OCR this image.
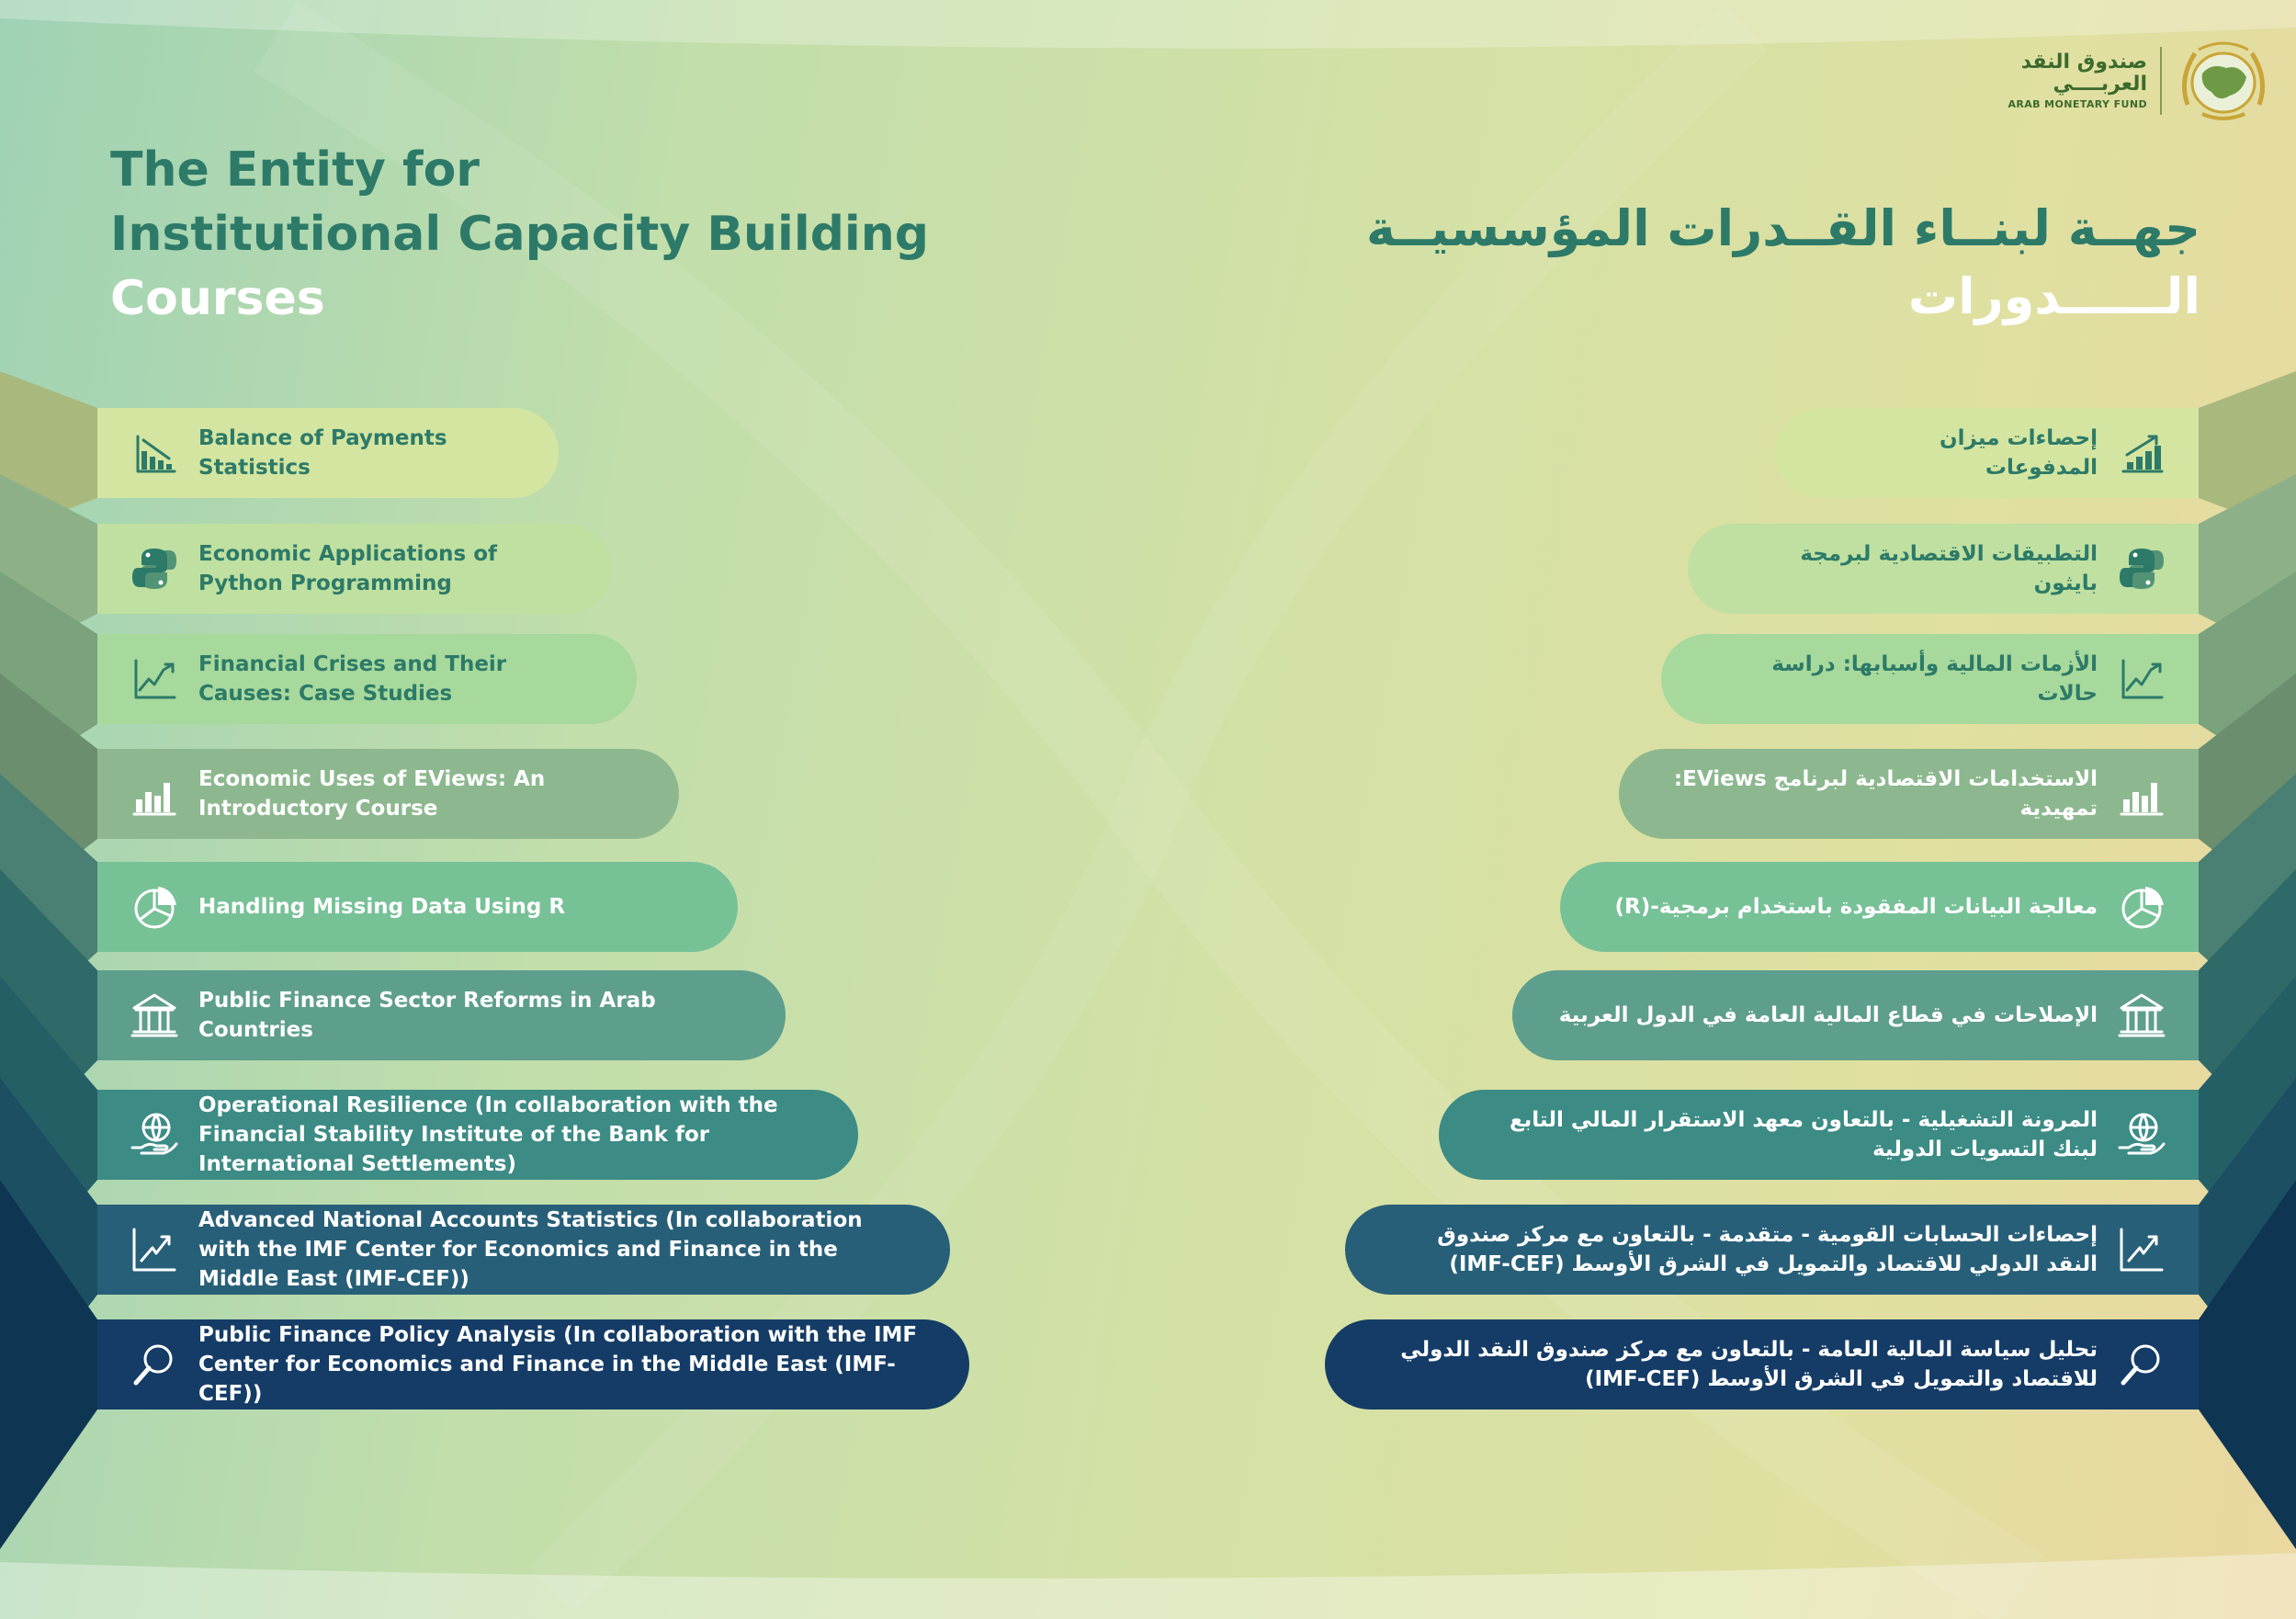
صندوق النقد
العربــــي
ARAB MONETARY FUND
The Entity for
Institutional Capacity Building
Courses
جهــة لبنــاء القــدرات المؤسسيــة
الــــــدورات
Balance of Payments Statistics
Economic Applications of Python Programming
Financial Crises and Their Causes: Case Studies
Economic Uses of EViews: An Introductory Course
Handling Missing Data Using R
Public Finance Sector Reforms in Arab Countries
Operational Resilience (In collaboration with the Financial Stability Institute of the Bank for International Settlements)
Advanced National Accounts Statistics (In collaboration with the IMF Center for Economics and Finance in the Middle East (IMF-CEF))
Public Finance Policy Analysis (In collaboration with the IMF Center for Economics and Finance in the Middle East (IMF-CEF))
إحصاءات ميزان المدفوعات
التطبيقات الاقتصادية لبرمجة بايثون
الأزمات المالية وأسبابها: دراسة حالات
الاستخدامات الاقتصادية لبرنامج EViews: تمهيدية
معالجة البيانات المفقودة باستخدام برمجية-(R)
الإصلاحات في قطاع المالية العامة في الدول العربية
المرونة التشغيلية - بالتعاون معهد الاستقرار المالي التابع لبنك التسويات الدولية
إحصاءات الحسابات القومية - متقدمة - بالتعاون مع مركز صندوق النقد الدولي للاقتصاد والتمويل في الشرق الأوسط (IMF-CEF)
تحليل سياسة المالية العامة - بالتعاون مع مركز صندوق النقد الدولي للاقتصاد والتمويل في الشرق الأوسط (IMF-CEF)
